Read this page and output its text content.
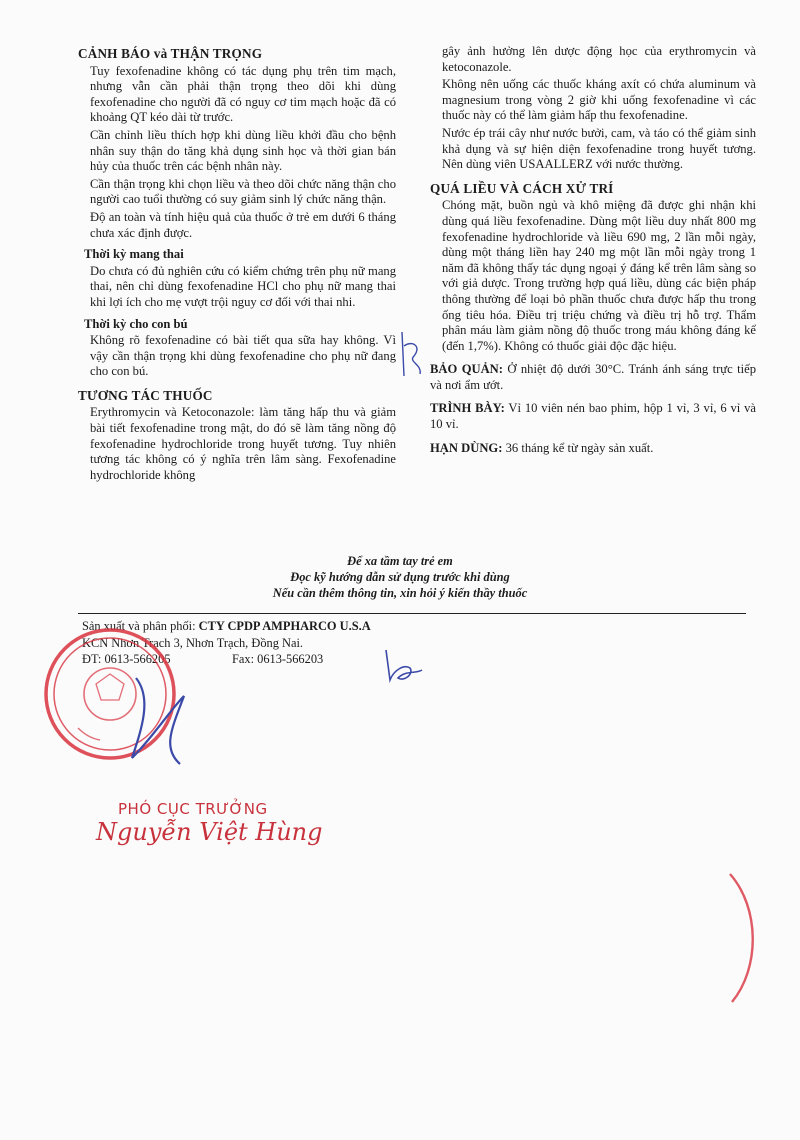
CẢNH BÁO và THẬN TRỌNG

Tuy fexofenadine không có tác dụng phụ trên tim mạch, nhưng vẫn cần phải thận trọng theo dõi khi dùng fexofenadine cho người đã có nguy cơ tim mạch hoặc đã có khoảng QT kéo dài từ trước.

Cần chỉnh liều thích hợp khi dùng liều khởi đầu cho bệnh nhân suy thận do tăng khả dụng sinh học và thời gian bán hủy của thuốc trên các bệnh nhân này.

Cần thận trọng khi chọn liều và theo dõi chức năng thận cho người cao tuổi thường có suy giảm sinh lý chức năng thận.

Độ an toàn và tính hiệu quả của thuốc ở trẻ em dưới 6 tháng chưa xác định được.

Thời kỳ mang thai

Do chưa có đủ nghiên cứu có kiểm chứng trên phụ nữ mang thai, nên chỉ dùng fexofenadine HCl cho phụ nữ mang thai khi lợi ích cho mẹ vượt trội nguy cơ đối với thai nhi.

Thời kỳ cho con bú

Không rõ fexofenadine có bài tiết qua sữa hay không. Vì vậy cần thận trọng khi dùng fexofenadine cho phụ nữ đang cho con bú.

TƯƠNG TÁC THUỐC

Erythromycin và Ketoconazole: làm tăng hấp thu và giảm bài tiết fexofenadine trong mật, do đó sẽ làm tăng nồng độ fexofenadine hydrochloride trong huyết tương. Tuy nhiên tương tác không có ý nghĩa trên lâm sàng. Fexofenadine hydrochloride không

gây ảnh hưởng lên dược động học của erythromycin và ketoconazole.

Không nên uống các thuốc kháng axít có chứa aluminum và magnesium trong vòng 2 giờ khi uống fexofenadine vì các thuốc này có thể làm giảm hấp thu fexofenadine.

Nước ép trái cây như nước bưởi, cam, và táo có thể giảm sinh khả dụng và sự hiện diện fexofenadine trong huyết tương. Nên dùng viên USAALLERZ với nước thường.

QUÁ LIỀU VÀ CÁCH XỬ TRÍ

Chóng mặt, buồn ngủ và khô miệng đã được ghi nhận khi dùng quá liều fexofenadine. Dùng một liều duy nhất 800 mg fexofenadine hydrochloride và liều 690 mg, 2 lần mỗi ngày, dùng một tháng liền hay 240 mg một lần mỗi ngày trong 1 năm đã không thấy tác dụng ngoại ý đáng kể trên lâm sàng so với giả dược. Trong trường hợp quá liều, dùng các biện pháp thông thường để loại bỏ phần thuốc chưa được hấp thu trong ống tiêu hóa. Điều trị triệu chứng và điều trị hỗ trợ. Thẩm phân máu làm giảm nồng độ thuốc trong máu không đáng kể (đến 1,7%). Không có thuốc giải độc đặc hiệu.

BẢO QUẢN: Ở nhiệt độ dưới 30°C. Tránh ánh sáng trực tiếp và nơi ẩm ướt.

TRÌNH BÀY: Vỉ 10 viên nén bao phim, hộp 1 vỉ, 3 vỉ, 6 vỉ và 10 vỉ.

HẠN DÙNG: 36 tháng kể từ ngày sản xuất.

Để xa tầm tay trẻ em
Đọc kỹ hướng dẫn sử dụng trước khi dùng
Nếu cần thêm thông tin, xin hỏi ý kiến thầy thuốc
Sản xuất và phân phối: CTY CPDP AMPHARCO U.S.A
KCN Nhơn Trạch 3, Nhơn Trạch, Đồng Nai.
ĐT: 0613-566205	Fax: 0613-566203
PHÓ CỤC TRƯỞNG
Nguyễn Việt Hùng
